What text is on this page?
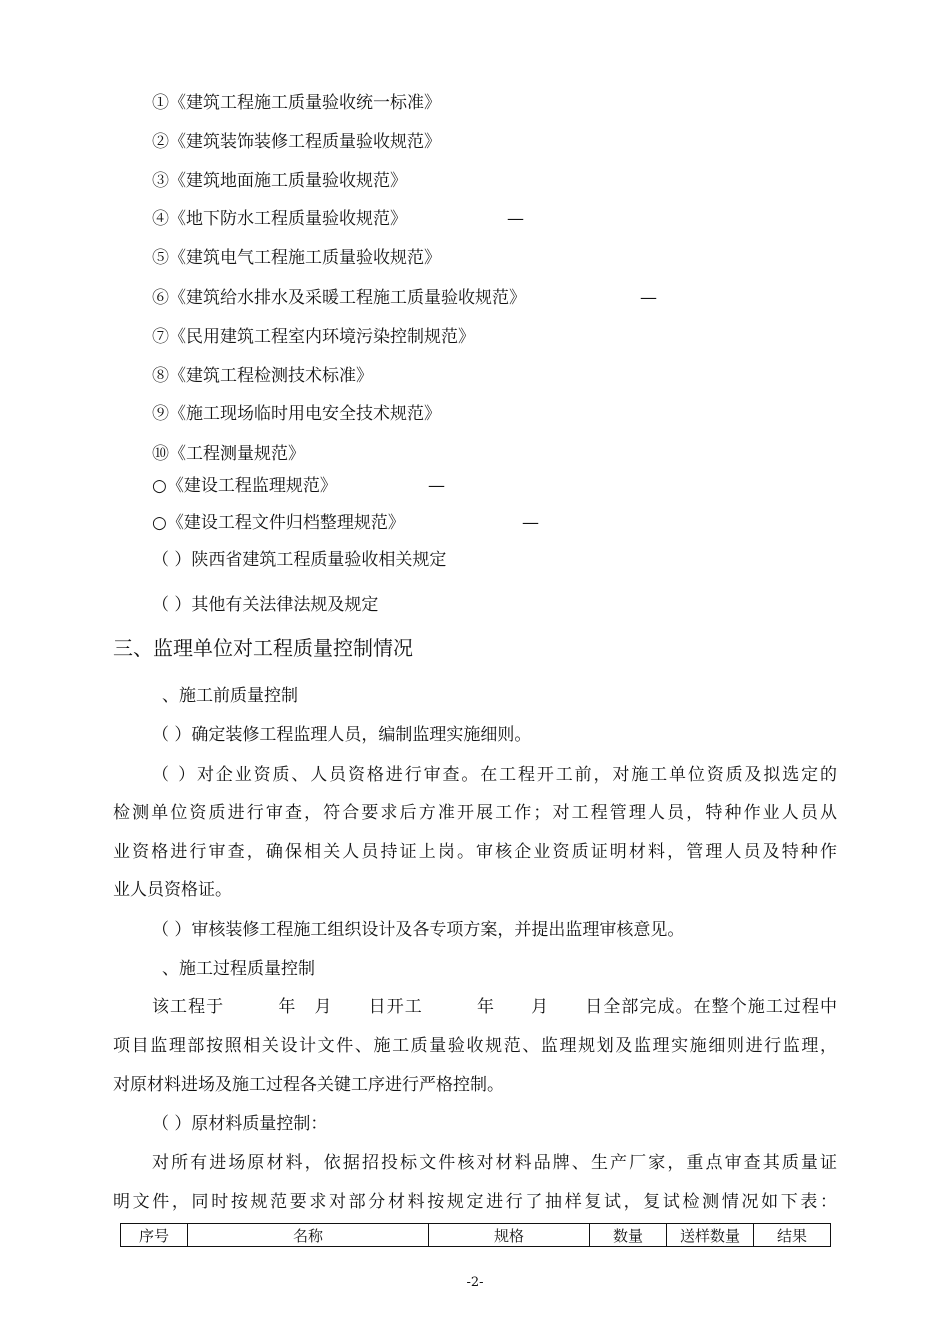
①《建筑工程施工质量验收统一标准》
②《建筑装饰装修工程质量验收规范》
③《建筑地面施工质量验收规范》
④《地下防水工程质量验收规范》	—
⑤《建筑电气工程施工质量验收规范》
⑥《建筑给水排水及采暖工程施工质量验收规范》	—
⑦《民用建筑工程室内环境污染控制规范》
⑧《建筑工程检测技术标准》
⑨《施工现场临时用电安全技术规范》
⑩《工程测量规范》
○《建设工程监理规范》	—
○《建设工程文件归档整理规范》	—
（ ）陕西省建筑工程质量验收相关规定
（ ）其他有关法律法规及规定
三、监理单位对工程质量控制情况
、施工前质量控制
（ ）确定装修工程监理人员，编制监理实施细则。
（ ）对企业资质、人员资格进行审查。在工程开工前，对施工单位资质及拟选定的
检测单位资质进行审查，符合要求后方准开展工作；对工程管理人员，特种作业人员从
业资格进行审查，确保相关人员持证上岗。审核企业资质证明材料，管理人员及特种作
业人员资格证。
（ ）审核装修工程施工组织设计及各专项方案，并提出监理审核意见。
、施工过程质量控制
该工程于　　　年　月　　日开工　　　年　　月　　日全部完成。在整个施工过程中
项目监理部按照相关设计文件、施工质量验收规范、监理规划及监理实施细则进行监理，
对原材料进场及施工过程各关键工序进行严格控制。
（ ）原材料质量控制：
对所有进场原材料，依据招投标文件核对材料品牌、生产厂家，重点审查其质量证
明文件，同时按规范要求对部分材料按规定进行了抽样复试，复试检测情况如下表：
序号	名称	规格	数量	送样数量	结果
-2-
